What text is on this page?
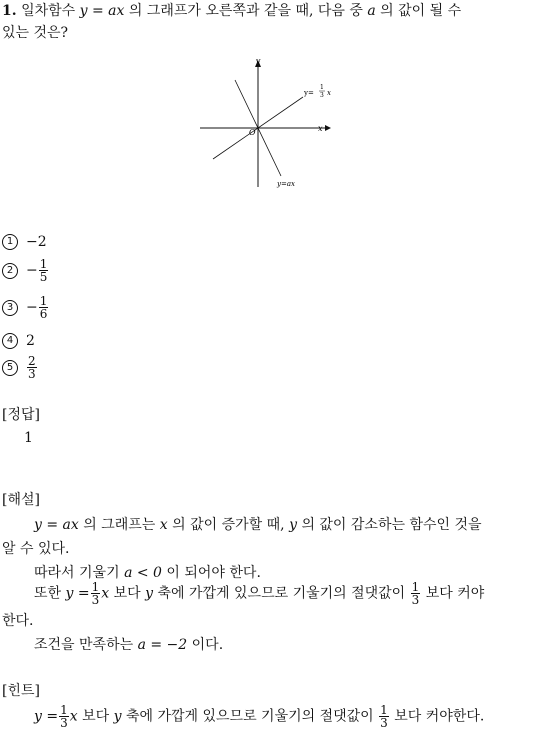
1. 일차함수 y = ax 의 그래프가 오른쪽과 같을 때, 다음 중 a 의 값이 될 수
있는 것은?
y
x
O
y=
1
3 x
y=ax
1 −2
$2 - \frac{1}{5}$
$3 - \frac{1}{6}$
4 2
$5 \frac{2}{3}$
[정답]
1
[해설]
y = ax 의 그래프는 x 의 값이 증가할 때, y 의 값이 감소하는 함수인 것을
알 수 있다.
따라서 기울기 a < 0 이 되어야 한다.
또한 $y = \frac{1}{3}$ x 보다 y 축에 가깝게 있으므로 기울기의 절댓값이 $\frac{1}{3}$ 보다 커야
한다.
조건을 만족하는 a = −2 이다.
[힌트]
$y = \frac{1}{3}$ x 보다 y 축에 가깝게 있으므로 기울기의 절댓값이 $\frac{1}{3}$ 보다 커야한다.
